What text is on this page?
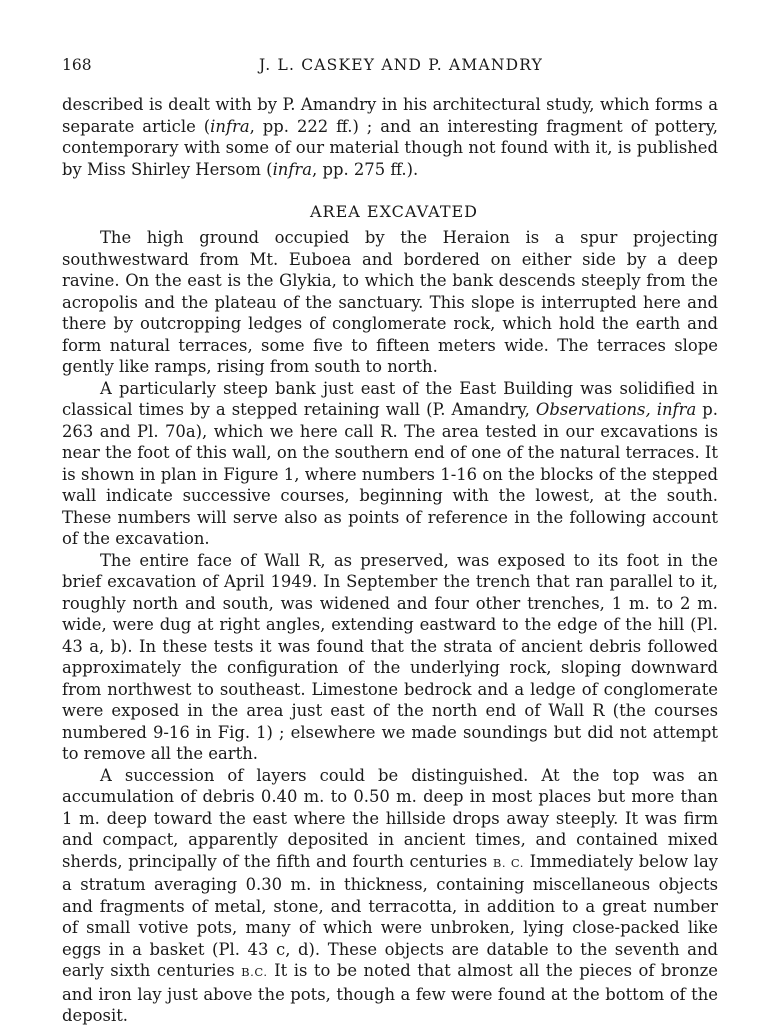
168	J. L. CASKEY AND P. AMANDRY

described is dealt with by P. Amandry in his architectural study, which forms a separate article (infra, pp. 222 ff.) ; and an interesting fragment of pottery, contemporary with some of our material though not found with it, is published by Miss Shirley Hersom (infra, pp. 275 ff.).

AREA EXCAVATED

The high ground occupied by the Heraion is a spur projecting southwestward from Mt. Euboea and bordered on either side by a deep ravine. On the east is the Glykia, to which the bank descends steeply from the acropolis and the plateau of the sanctuary. This slope is interrupted here and there by outcropping ledges of conglomerate rock, which hold the earth and form natural terraces, some five to fifteen meters wide. The terraces slope gently like ramps, rising from south to north.

A particularly steep bank just east of the East Building was solidified in classical times by a stepped retaining wall (P. Amandry, Observations, infra p. 263 and Pl. 70a), which we here call R. The area tested in our excavations is near the foot of this wall, on the southern end of one of the natural terraces. It is shown in plan in Figure 1, where numbers 1-16 on the blocks of the stepped wall indicate successive courses, beginning with the lowest, at the south. These numbers will serve also as points of reference in the following account of the excavation.

The entire face of Wall R, as preserved, was exposed to its foot in the brief excavation of April 1949. In September the trench that ran parallel to it, roughly north and south, was widened and four other trenches, 1 m. to 2 m. wide, were dug at right angles, extending eastward to the edge of the hill (Pl. 43 a, b). In these tests it was found that the strata of ancient debris followed approximately the configuration of the underlying rock, sloping downward from northwest to southeast. Limestone bedrock and a ledge of conglomerate were exposed in the area just east of the north end of Wall R (the courses numbered 9-16 in Fig. 1) ; elsewhere we made soundings but did not attempt to remove all the earth.

A succession of layers could be distinguished. At the top was an accumulation of debris 0.40 m. to 0.50 m. deep in most places but more than 1 m. deep toward the east where the hillside drops away steeply. It was firm and compact, apparently deposited in ancient times, and contained mixed sherds, principally of the fifth and fourth centuries B. C. Immediately below lay a stratum averaging 0.30 m. in thickness, containing miscellaneous objects and fragments of metal, stone, and terracotta, in addition to a great number of small votive pots, many of which were unbroken, lying close-packed like eggs in a basket (Pl. 43 c, d). These objects are datable to the seventh and early sixth centuries B.C. It is to be noted that almost all the pieces of bronze and iron lay just above the pots, though a few were found at the bottom of the deposit.
